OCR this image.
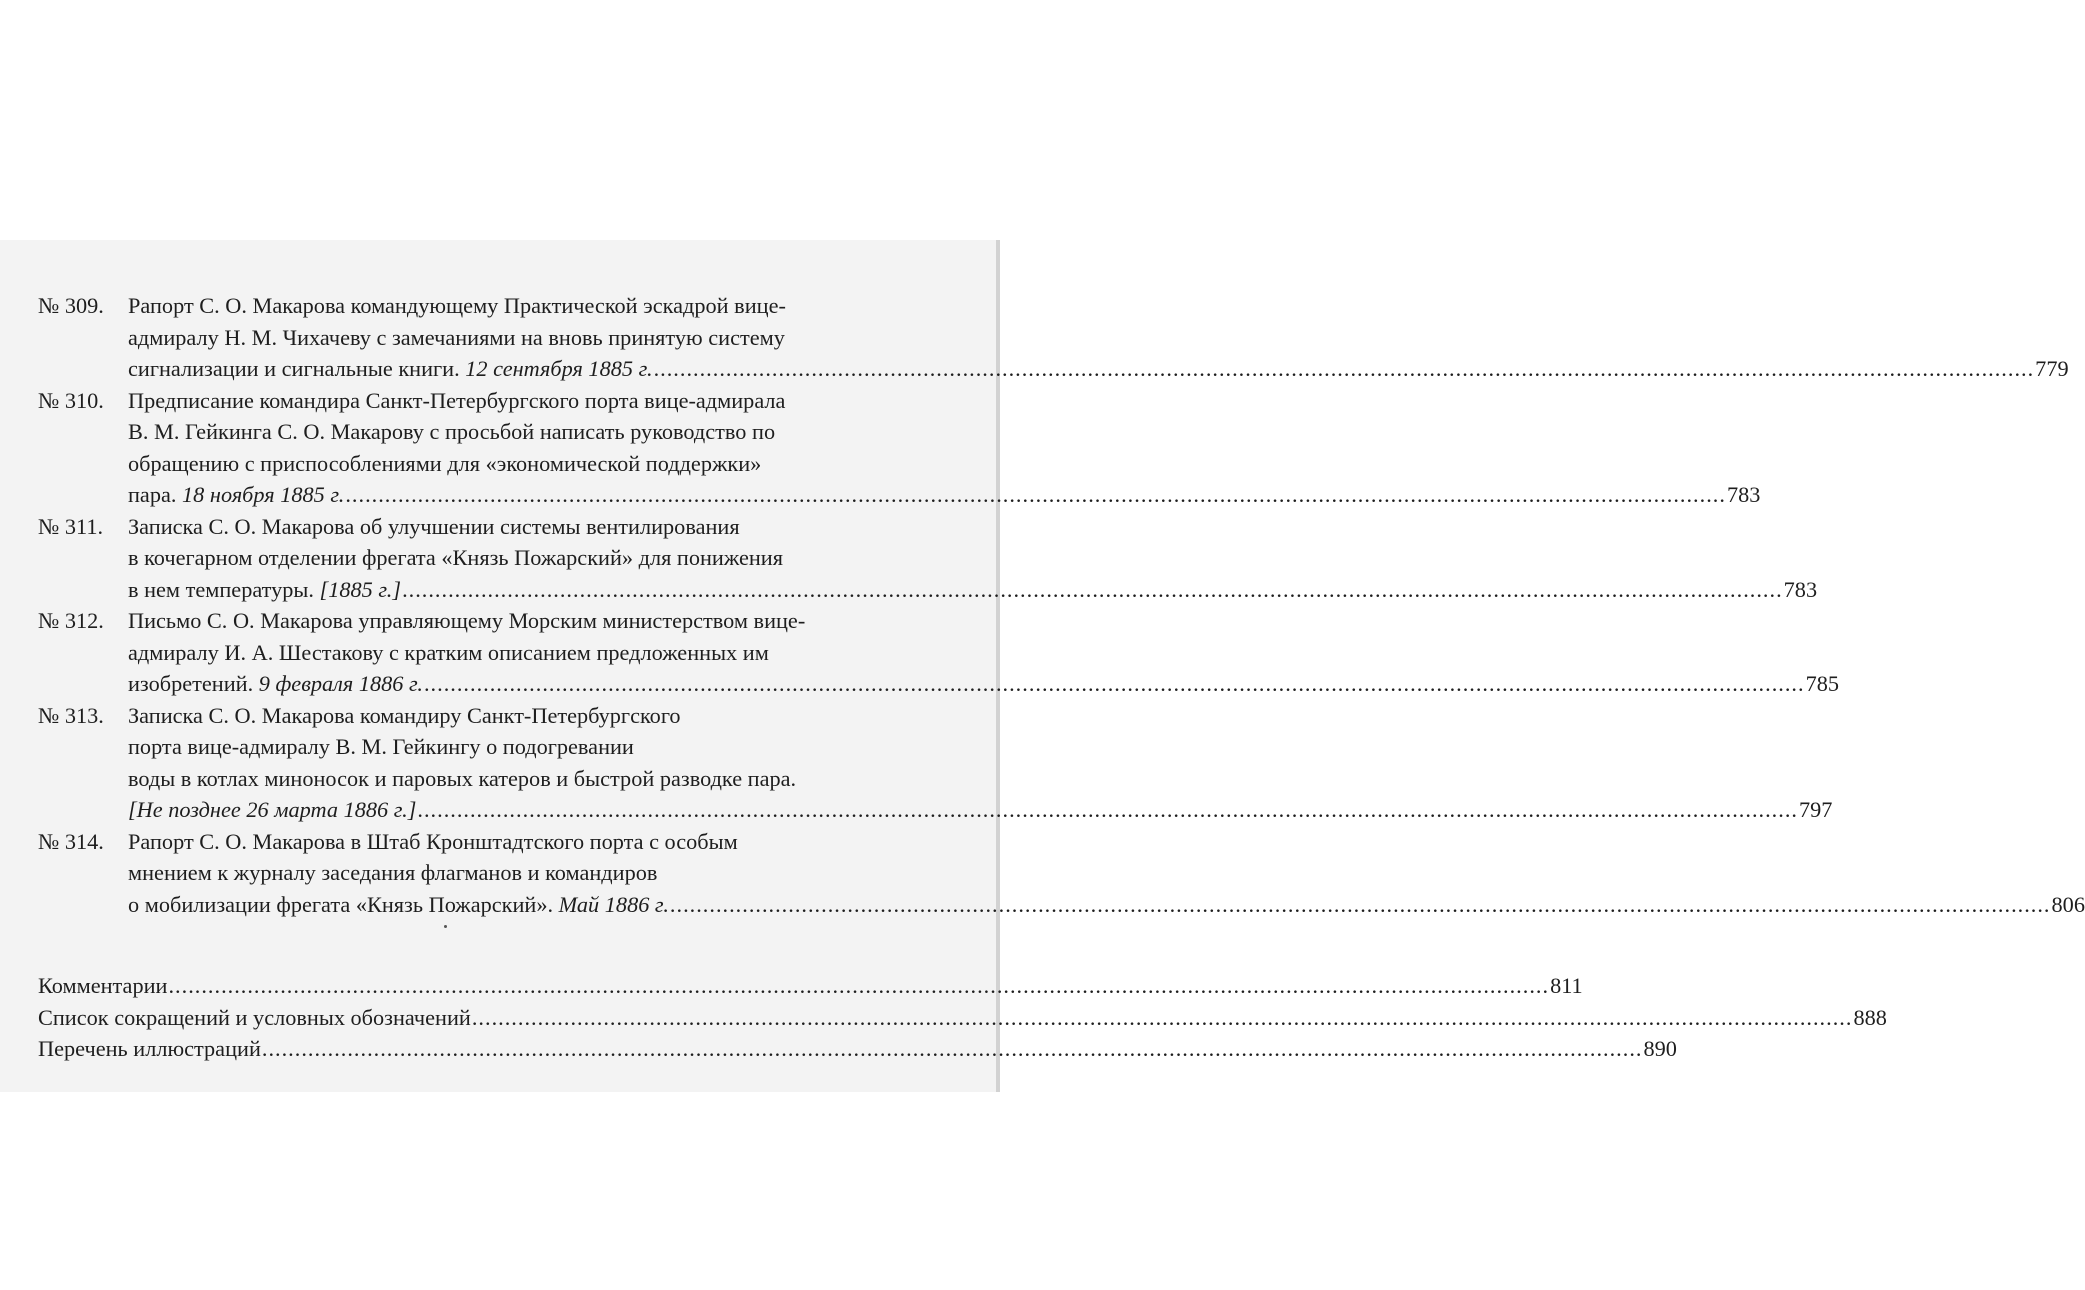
№ 309.	Рапорт С. О. Макарова командующему Практической эскадрой вице-
адмиралу Н. М. Чихачеву с замечаниями на вновь принятую систему
сигнализации и сигнальные книги.
12 сентября 1885 г. .....	779
№ 310.	Предписание командира Санкт-Петербургского порта вице-адмирала
В. М. Гейкинга С. О. Макарову с просьбой написать руководство по
обращению с приспособлениями для «экономической поддержки»
пара.
18 ноября 1885 г. .....	783
№ 311.	Записка С. О. Макарова об улучшении системы вентилирования
в кочегарном отделении фрегата «Князь Пожарский» для понижения
в нем температуры.
[1885 г.] .....	783
№ 312.	Письмо С. О. Макарова управляющему Морским министерством вице-
адмиралу И. А. Шестакову с кратким описанием предложенных им
изобретений.
9 февраля 1886 г. .....	785
№ 313.	Записка С. О. Макарова командиру Санкт-Петербургского
порта вице-адмиралу В. М. Гейкингу о подогревании
воды в котлах миноносок и паровых катеров и быстрой разводке пара.
[Не позднее 26 марта 1886 г.] .....	797
№ 314.	Рапорт С. О. Макарова в Штаб Кронштадтского порта с особым
мнением к журналу заседания флагманов и командиров
о мобилизации фрегата «Князь Пожарский».
Май 1886 г. .....	806
Комментарии .....	811
Список сокращений и условных обозначений .....	888
Перечень иллюстраций .....	890
